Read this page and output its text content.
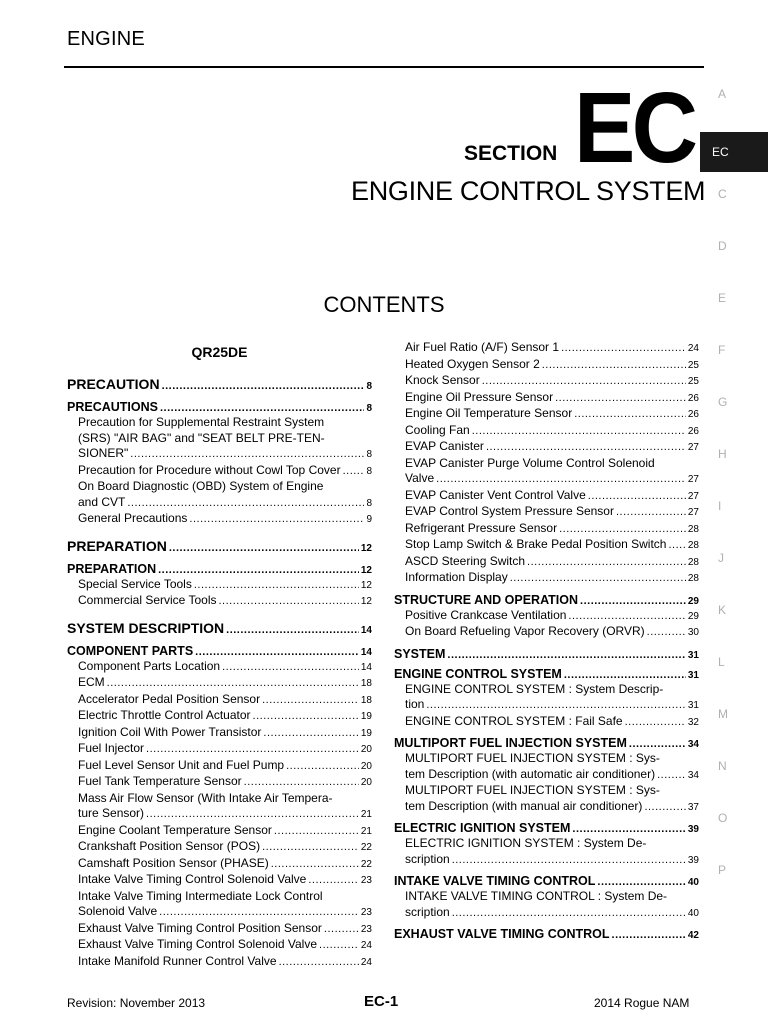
ENGINE
SECTION EC
ENGINE CONTROL SYSTEM
CONTENTS
A
EC
C
D
E
F
G
H
I
J
K
L
M
N
O
P
QR25DE
PRECAUTION .....	8
PRECAUTIONS .....	8
Precaution for Supplemental Restraint System
(SRS) "AIR BAG" and "SEAT BELT PRE-TEN-
SIONER" .....	8
Precaution for Procedure without Cowl Top Cover .....	8
On Board Diagnostic (OBD) System of Engine
and CVT .....	8
General Precautions .....	9
PREPARATION .....	12
PREPARATION .....	12
Special Service Tools .....	12
Commercial Service Tools .....	12
SYSTEM DESCRIPTION .....	14
COMPONENT PARTS .....	14
Component Parts Location .....	14
ECM .....	18
Accelerator Pedal Position Sensor .....	18
Electric Throttle Control Actuator .....	19
Ignition Coil With Power Transistor .....	19
Fuel Injector .....	20
Fuel Level Sensor Unit and Fuel Pump .....	20
Fuel Tank Temperature Sensor .....	20
Mass Air Flow Sensor (With Intake Air Tempera-
ture Sensor) .....	21
Engine Coolant Temperature Sensor .....	21
Crankshaft Position Sensor (POS) .....	22
Camshaft Position Sensor (PHASE) .....	22
Intake Valve Timing Control Solenoid Valve .....	23
Intake Valve Timing Intermediate Lock Control
Solenoid Valve .....	23
Exhaust Valve Timing Control Position Sensor .....	23
Exhaust Valve Timing Control Solenoid Valve .....	24
Intake Manifold Runner Control Valve .....	24
Air Fuel Ratio (A/F) Sensor 1 .....	24
Heated Oxygen Sensor 2 .....	25
Knock Sensor .....	25
Engine Oil Pressure Sensor .....	26
Engine Oil Temperature Sensor .....	26
Cooling Fan .....	26
EVAP Canister .....	27
EVAP Canister Purge Volume Control Solenoid
Valve .....	27
EVAP Canister Vent Control Valve .....	27
EVAP Control System Pressure Sensor .....	27
Refrigerant Pressure Sensor .....	28
Stop Lamp Switch & Brake Pedal Position Switch ..... 28
ASCD Steering Switch .....	28
Information Display .....	28
STRUCTURE AND OPERATION .....	29
Positive Crankcase Ventilation .....	29
On Board Refueling Vapor Recovery (ORVR) .....	30
SYSTEM .....	31
ENGINE CONTROL SYSTEM .....	31
ENGINE CONTROL SYSTEM : System Descrip-
tion .....	31
ENGINE CONTROL SYSTEM : Fail Safe .....	32
MULTIPORT FUEL INJECTION SYSTEM .....	34
MULTIPORT FUEL INJECTION SYSTEM : Sys-
tem Description (with automatic air conditioner) .....	34
MULTIPORT FUEL INJECTION SYSTEM : Sys-
tem Description (with manual air conditioner) .....	37
ELECTRIC IGNITION SYSTEM .....	39
ELECTRIC IGNITION SYSTEM : System De-
scription .....	39
INTAKE VALVE TIMING CONTROL .....	40
INTAKE VALVE TIMING CONTROL : System De-
scription .....	40
EXHAUST VALVE TIMING CONTROL .....	42
Revision: November 2013	EC-1	2014 Rogue NAM
